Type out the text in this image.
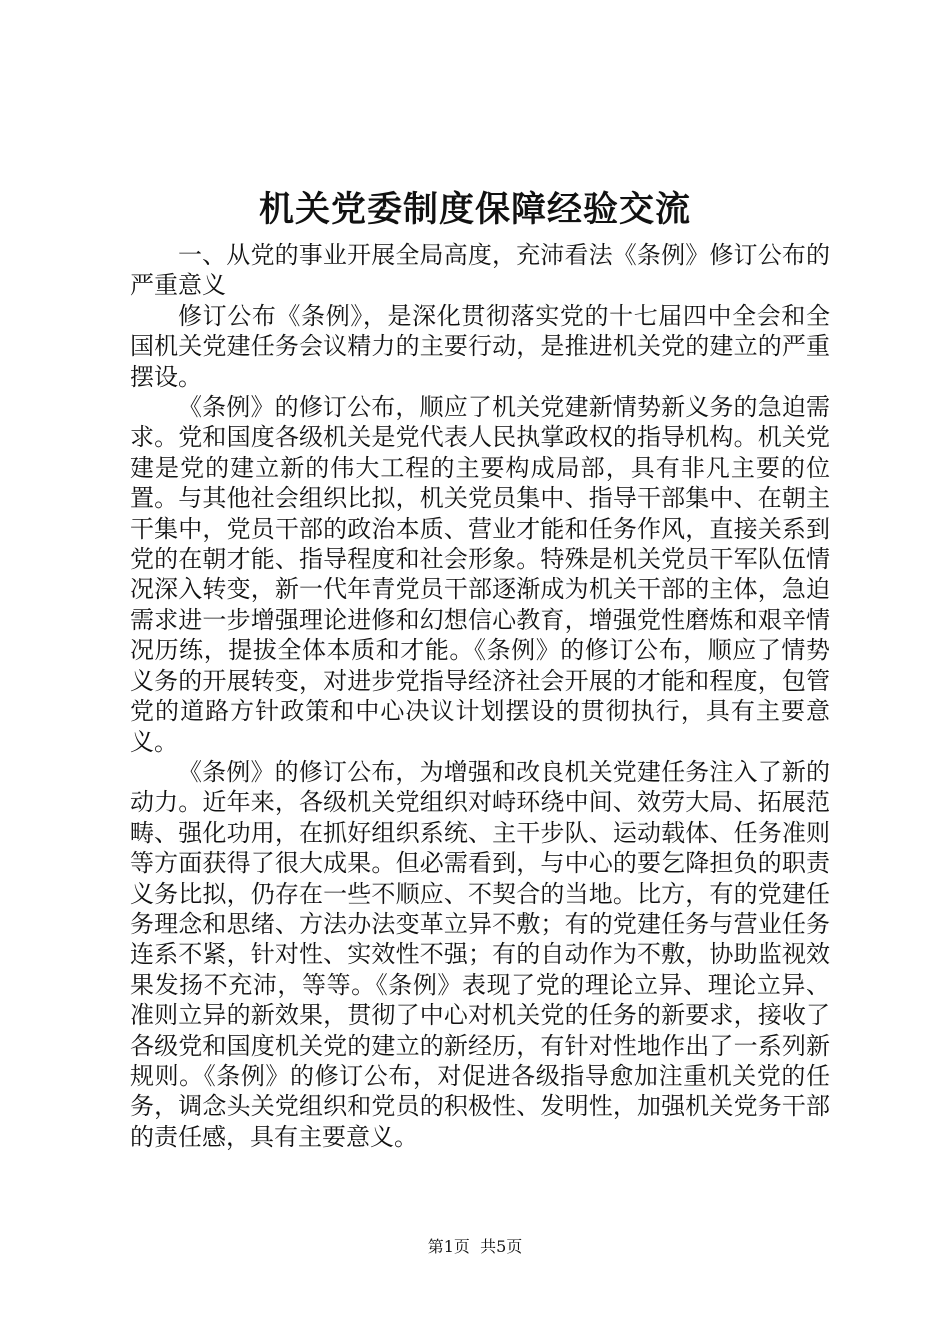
机关党委制度保障经验交流

一、从党的事业开展全局高度，充沛看法《条例》修订公布的严重意义

修订公布《条例》，是深化贯彻落实党的十七届四中全会和全国机关党建任务会议精力的主要行动，是推进机关党的建立的严重摆设。

《条例》的修订公布，顺应了机关党建新情势新义务的急迫需求。党和国度各级机关是党代表人民执掌政权的指导机构。机关党建是党的建立新的伟大工程的主要构成局部，具有非凡主要的位置。与其他社会组织比拟，机关党员集中、指导干部集中、在朝主干集中，党员干部的政治本质、营业才能和任务作风，直接关系到党的在朝才能、指导程度和社会形象。特殊是机关党员干军队伍情况深入转变，新一代年青党员干部逐渐成为机关干部的主体，急迫需求进一步增强理论进修和幻想信心教育，增强党性磨炼和艰辛情况历练，提拔全体本质和才能。《条例》的修订公布，顺应了情势义务的开展转变，对进步党指导经济社会开展的才能和程度，包管党的道路方针政策和中心决议计划摆设的贯彻执行，具有主要意义。

《条例》的修订公布，为增强和改良机关党建任务注入了新的动力。近年来，各级机关党组织对峙环绕中间、效劳大局、拓展范畴、强化功用，在抓好组织系统、主干步队、运动载体、任务准则等方面获得了很大成果。但必需看到，与中心的要乞降担负的职责义务比拟，仍存在一些不顺应、不契合的当地。比方，有的党建任务理念和思绪、方法办法变革立异不敷；有的党建任务与营业任务连系不紧，针对性、实效性不强；有的自动作为不敷，协助监视效果发扬不充沛，等等。《条例》表现了党的理论立异、理论立异、准则立异的新效果，贯彻了中心对机关党的任务的新要求，接收了各级党和国度机关党的建立的新经历，有针对性地作出了一系列新规则。《条例》的修订公布，对促进各级指导愈加注重机关党的任务，调念头关党组织和党员的积极性、发明性，加强机关党务干部的责任感，具有主要意义。

第1页 共5页
